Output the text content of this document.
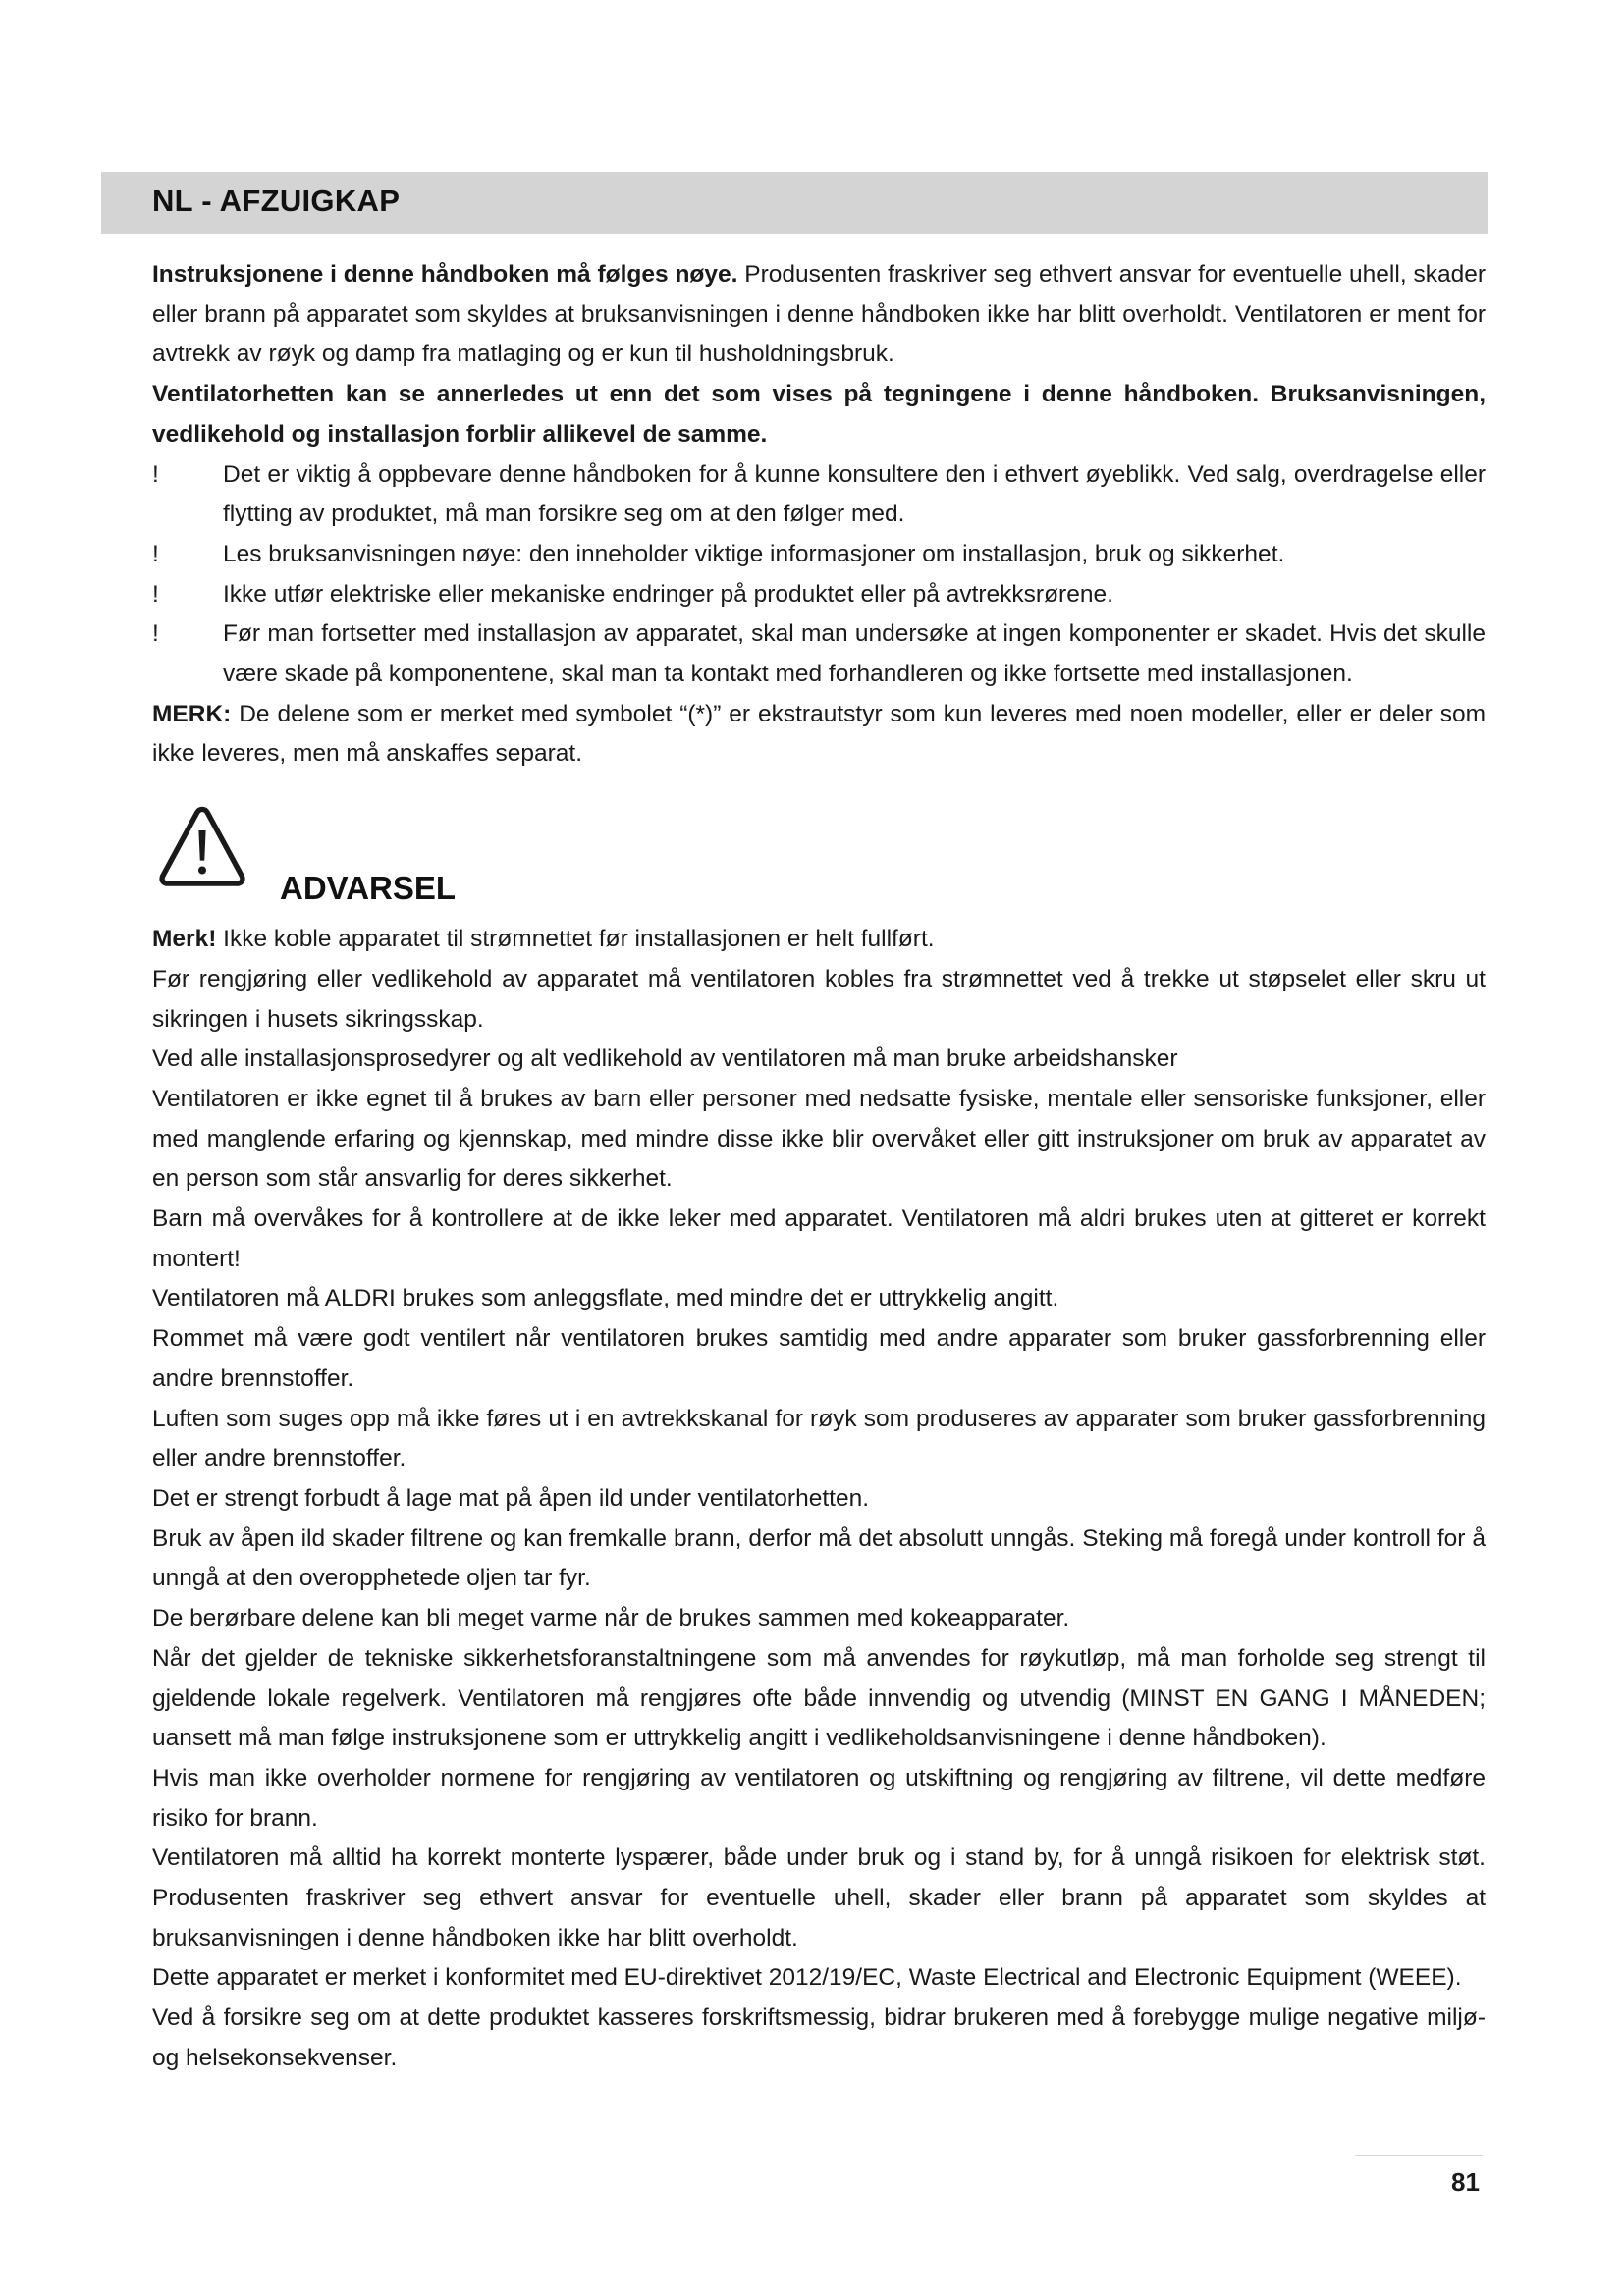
NL - AFZUIGKAP

Instruksjonene i denne håndboken må følges nøye. Produsenten fraskriver seg ethvert ansvar for eventuelle uhell, skader eller brann på apparatet som skyldes at bruksanvisningen i denne håndboken ikke har blitt overholdt. Ventilatoren er ment for avtrekk av røyk og damp fra matlaging og er kun til husholdningsbruk.

Ventilatorhetten kan se annerledes ut enn det som vises på tegningene i denne håndboken. Bruksanvisningen, vedlikehold og installasjon forblir allikevel de samme.

!	Det er viktig å oppbevare denne håndboken for å kunne konsultere den i ethvert øyeblikk. Ved salg, overdragelse eller flytting av produktet, må man forsikre seg om at den følger med.
!	Les bruksanvisningen nøye: den inneholder viktige informasjoner om installasjon, bruk og sikkerhet.
!	Ikke utfør elektriske eller mekaniske endringer på produktet eller på avtrekksrørene.
!	Før man fortsetter med installasjon av apparatet, skal man undersøke at ingen komponenter er skadet. Hvis det skulle være skade på komponentene, skal man ta kontakt med forhandleren og ikke fortsette med installasjonen.

MERK: De delene som er merket med symbolet “(*)” er ekstrautstyr som kun leveres med noen modeller, eller er deler som ikke leveres, men må anskaffes separat.

ADVARSEL

Merk! Ikke koble apparatet til strømnettet før installasjonen er helt fullført.

Før rengjøring eller vedlikehold av apparatet må ventilatoren kobles fra strømnettet ved å trekke ut støpselet eller skru ut sikringen i husets sikringsskap.

Ved alle installasjonsprosedyrer og alt vedlikehold av ventilatoren må man bruke arbeidshansker

Ventilatoren er ikke egnet til å brukes av barn eller personer med nedsatte fysiske, mentale eller sensoriske funksjoner, eller med manglende erfaring og kjennskap, med mindre disse ikke blir overvåket eller gitt instruksjoner om bruk av apparatet av en person som står ansvarlig for deres sikkerhet.

Barn må overvåkes for å kontrollere at de ikke leker med apparatet. Ventilatoren må aldri brukes uten at gitteret er korrekt montert!

Ventilatoren må ALDRI brukes som anleggsflate, med mindre det er uttrykkelig angitt.

Rommet må være godt ventilert når ventilatoren brukes samtidig med andre apparater som bruker gassforbrenning eller andre brennstoffer.

Luften som suges opp må ikke føres ut i en avtrekkskanal for røyk som produseres av apparater som bruker gassforbrenning eller andre brennstoffer.

Det er strengt forbudt å lage mat på åpen ild under ventilatorhetten.

Bruk av åpen ild skader filtrene og kan fremkalle brann, derfor må det absolutt unngås. Steking må foregå under kontroll for å unngå at den overopphetede oljen tar fyr.

De berørbare delene kan bli meget varme når de brukes sammen med kokeapparater.

Når det gjelder de tekniske sikkerhetsforanstaltningene som må anvendes for røykutløp, må man forholde seg strengt til gjeldende lokale regelverk. Ventilatoren må rengjøres ofte både innvendig og utvendig (MINST EN GANG I MÅNEDEN; uansett må man følge instruksjonene som er uttrykkelig angitt i vedlikeholdsanvisningene i denne håndboken).

Hvis man ikke overholder normene for rengjøring av ventilatoren og utskiftning og rengjøring av filtrene, vil dette medføre risiko for brann.

Ventilatoren må alltid ha korrekt monterte lyspærer, både under bruk og i stand by, for å unngå risikoen for elektrisk støt. Produsenten fraskriver seg ethvert ansvar for eventuelle uhell, skader eller brann på apparatet som skyldes at bruksanvisningen i denne håndboken ikke har blitt overholdt.

Dette apparatet er merket i konformitet med EU-direktivet 2012/19/EC, Waste Electrical and Electronic Equipment (WEEE).

Ved å forsikre seg om at dette produktet kasseres forskriftsmessig, bidrar brukeren med å forebygge mulige negative miljø- og helsekonsekvenser.

81
